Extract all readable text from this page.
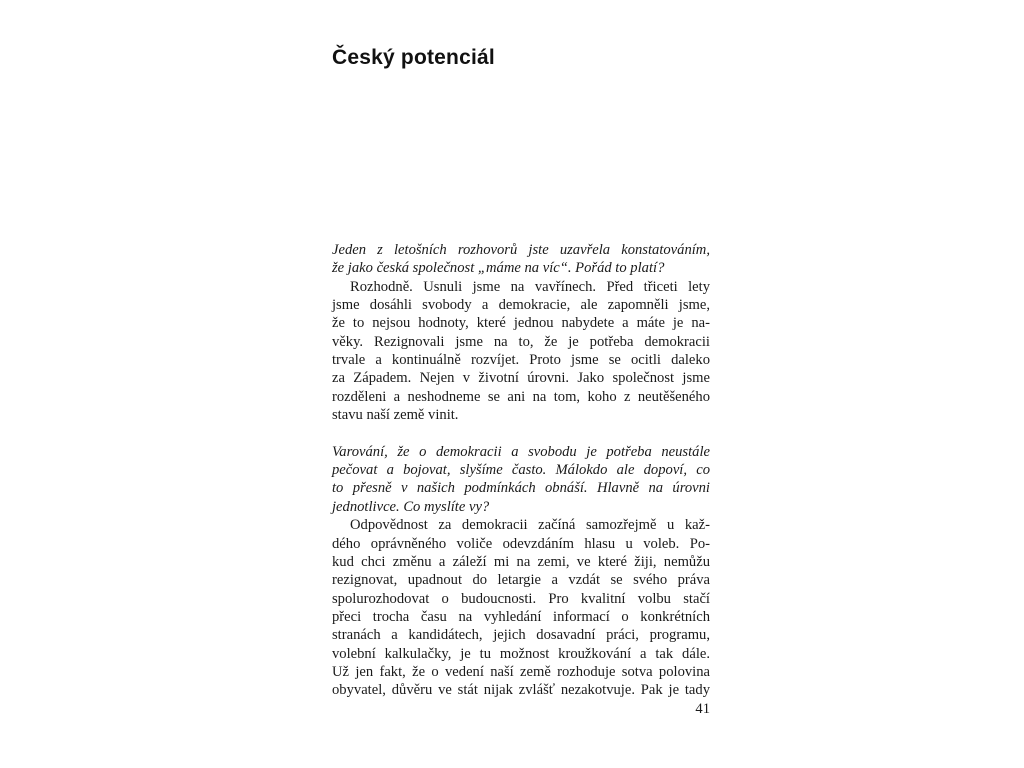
Český potenciál
Jeden z letošních rozhovorů jste uzavřela konstatováním,
že jako česká společnost „máme na víc“. Pořád to platí?
Rozhodně. Usnuli jsme na vavřínech. Před třiceti lety
jsme dosáhli svobody a demokracie, ale zapomněli jsme,
že to nejsou hodnoty, které jednou nabydete a máte je na-
věky. Rezignovali jsme na to, že je potřeba demokracii
trvale a kontinuálně rozvíjet. Proto jsme se ocitli daleko
za Západem. Nejen v životní úrovni. Jako společnost jsme
rozděleni a neshodneme se ani na tom, koho z neutěšeného
stavu naší země vinit.
Varování, že o demokracii a svobodu je potřeba neustále
pečovat a bojovat, slyšíme často. Málokdo ale dopoví, co
to přesně v našich podmínkách obnáší. Hlavně na úrovni
jednotlivce. Co myslíte vy?
Odpovědnost za demokracii začíná samozřejmě u kaž-
dého oprávněného voliče odevzdáním hlasu u voleb. Po-
kud chci změnu a záleží mi na zemi, ve které žiji, nemůžu
rezignovat, upadnout do letargie a vzdát se svého práva
spolurozhodovat o budoucnosti. Pro kvalitní volbu stačí
přeci trocha času na vyhledání informací o konkrétních
stranách a kandidátech, jejich dosavadní práci, programu,
volební kalkulačky, je tu možnost kroužkování a tak dále.
Už jen fakt, že o vedení naší země rozhoduje sotva polovina
obyvatel, důvěru ve stát nijak zvlášť nezakotvuje. Pak je tady
41
